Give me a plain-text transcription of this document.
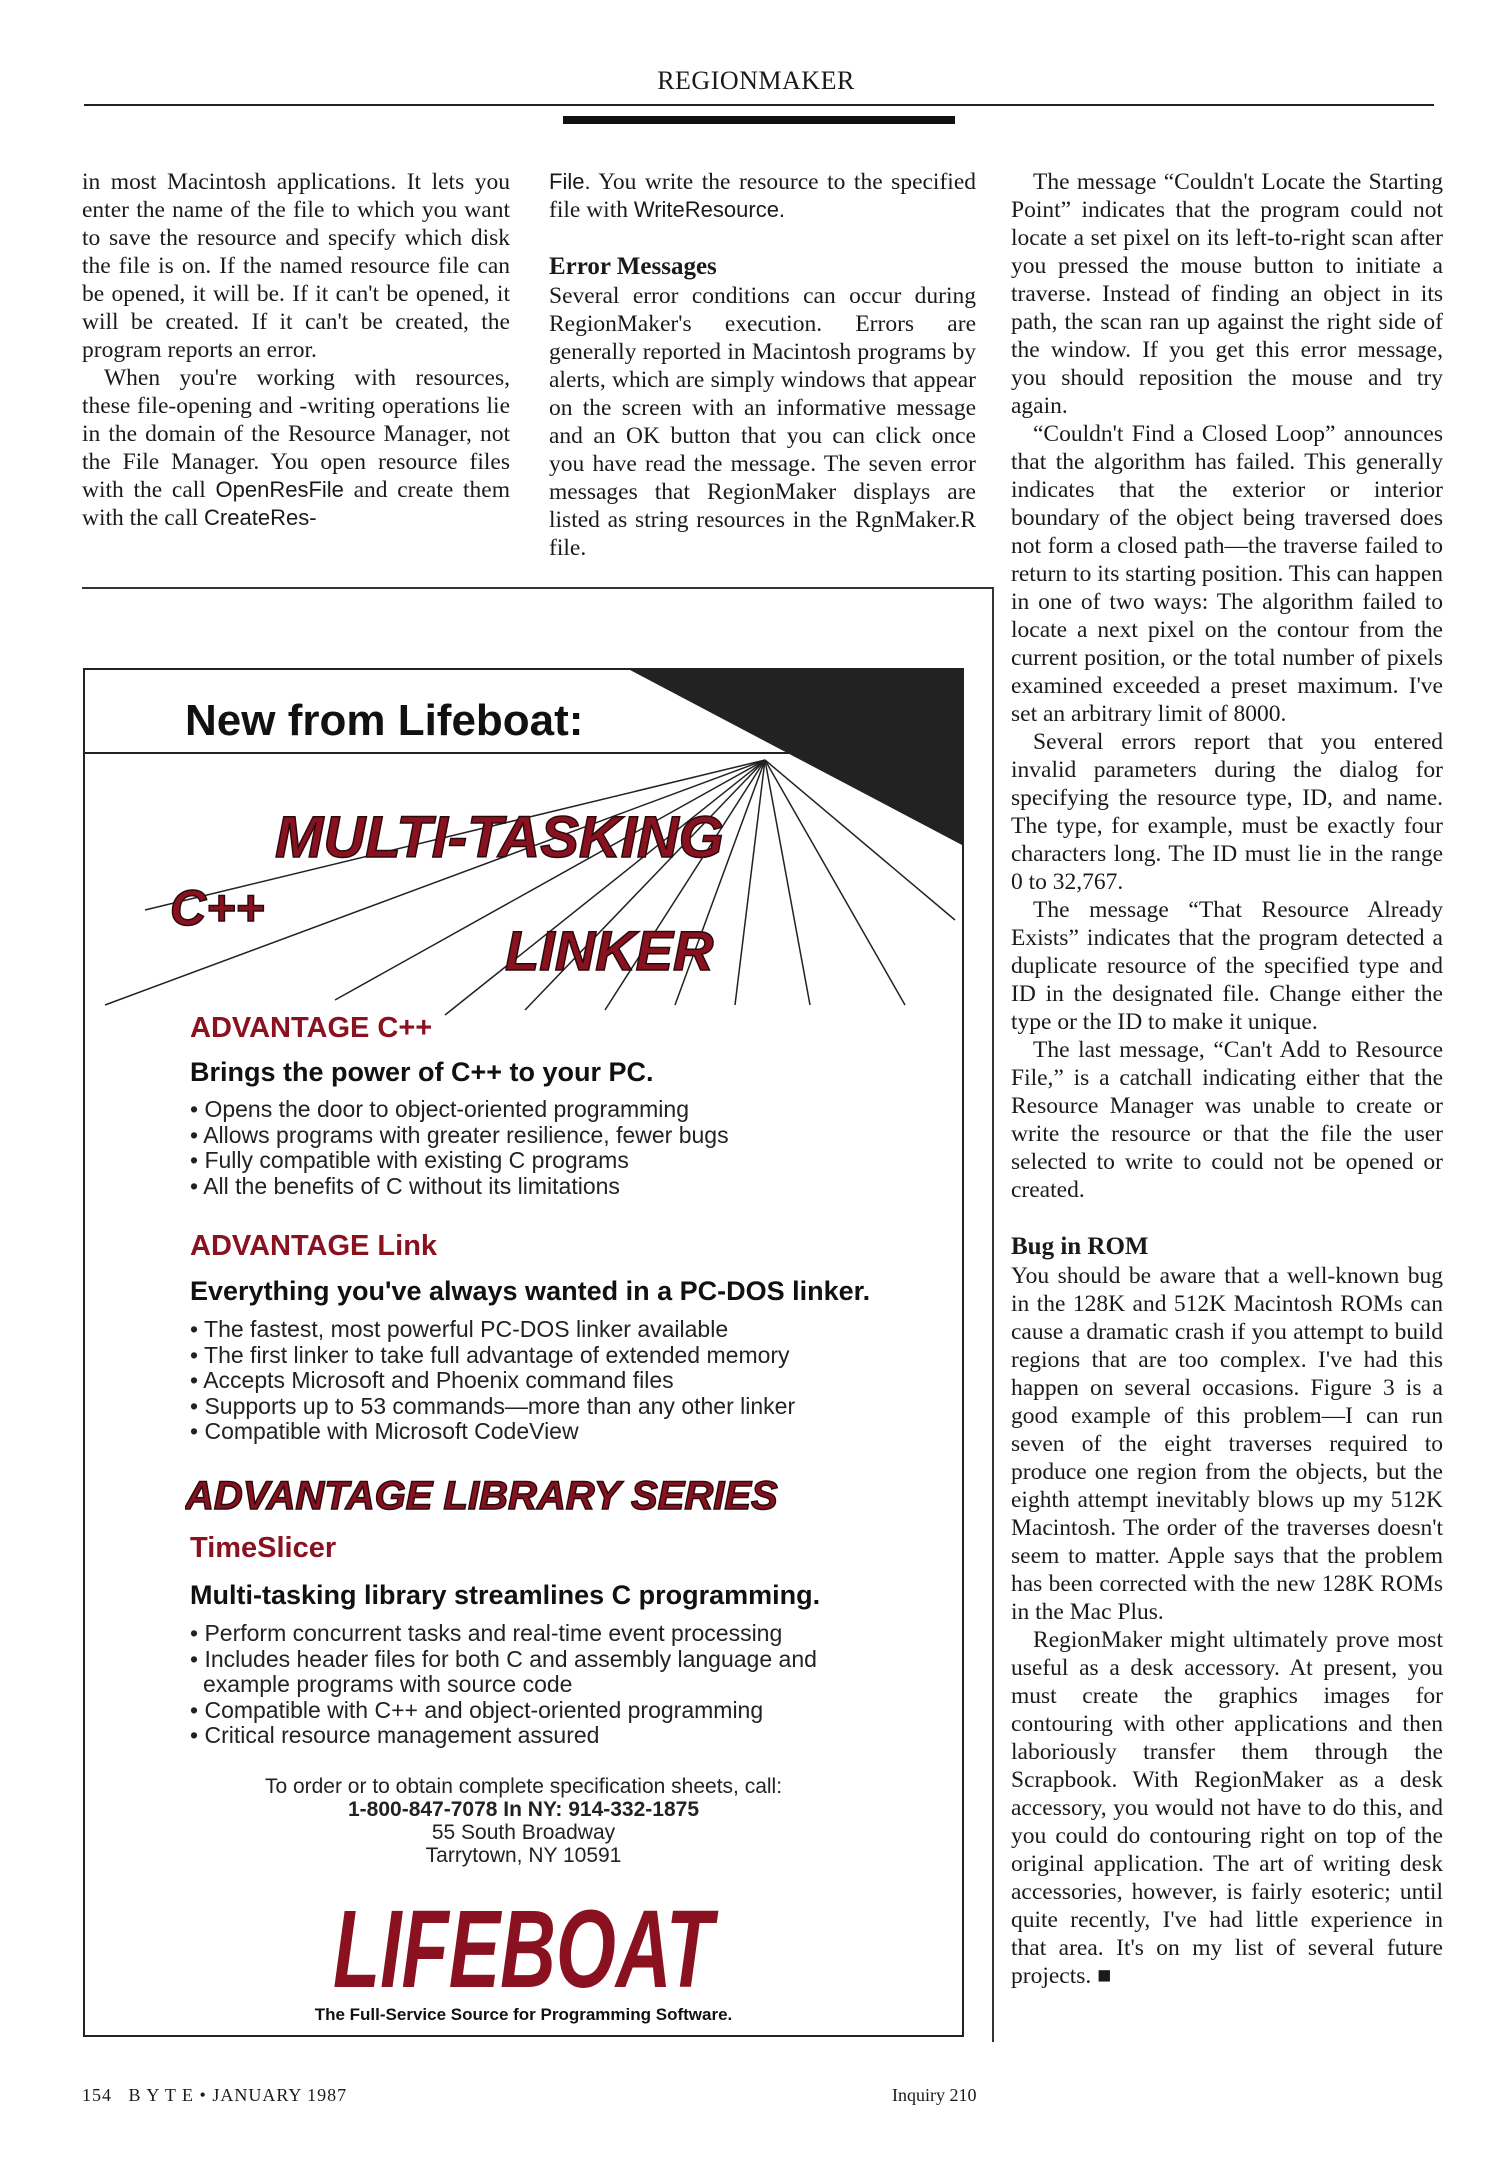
REGIONMAKER

in most Macintosh applications. It lets you enter the name of the file to which you want to save the resource and specify which disk the file is on. If the named resource file can be opened, it will be. If it can't be opened, it will be created. If it can't be created, the program reports an error.

When you're working with resources, these file-opening and -writing operations lie in the domain of the Resource Manager, not the File Manager. You open resource files with the call OpenResFile and create them with the call CreateRes-

File. You write the resource to the specified file with WriteResource.

Error Messages

Several error conditions can occur during RegionMaker's execution. Errors are generally reported in Macintosh programs by alerts, which are simply windows that appear on the screen with an informative message and an OK button that you can click once you have read the message. The seven error messages that RegionMaker displays are listed as string resources in the RgnMaker.R file.

The message “Couldn't Locate the Starting Point” indicates that the program could not locate a set pixel on its left-to-right scan after you pressed the mouse button to initiate a traverse. Instead of finding an object in its path, the scan ran up against the right side of the window. If you get this error message, you should reposition the mouse and try again.

“Couldn't Find a Closed Loop” announces that the algorithm has failed. This generally indicates that the exterior or interior boundary of the object being traversed does not form a closed path—the traverse failed to return to its starting position. This can happen in one of two ways: The algorithm failed to locate a next pixel on the contour from the current position, or the total number of pixels examined exceeded a preset maximum. I've set an arbitrary limit of 8000.

Several errors report that you entered invalid parameters during the dialog for specifying the resource type, ID, and name. The type, for example, must be exactly four characters long. The ID must lie in the range 0 to 32,767.

The message “That Resource Already Exists” indicates that the program detected a duplicate resource of the specified type and ID in the designated file. Change either the type or the ID to make it unique.

The last message, “Can't Add to Resource File,” is a catchall indicating either that the Resource Manager was unable to create or write the resource or that the file the user selected to write to could not be opened or created.

Bug in ROM

You should be aware that a well-known bug in the 128K and 512K Macintosh ROMs can cause a dramatic crash if you attempt to build regions that are too complex. I've had this happen on several occasions. Figure 3 is a good example of this problem—I can run seven of the eight traverses required to produce one region from the objects, but the eighth attempt inevitably blows up my 512K Macintosh. The order of the traverses doesn't seem to matter. Apple says that the problem has been corrected with the new 128K ROMs in the Mac Plus.

RegionMaker might ultimately prove most useful as a desk accessory. At present, you must create the graphics images for contouring with other applications and then laboriously transfer them through the Scrapbook. With RegionMaker as a desk accessory, you would not have to do this, and you could do contouring right on top of the original application. The art of writing desk accessories, however, is fairly esoteric; until quite recently, I've had little experience in that area. It's on my list of several future projects. ■

MULTI-TASKING
C++
LINKER
New from Lifeboat:
ADVANTAGE C++
Brings the power of C++ to your PC.
• Opens the door to object-oriented programming
• Allows programs with greater resilience, fewer bugs
• Fully compatible with existing C programs
• All the benefits of C without its limitations
ADVANTAGE Link
Everything you've always wanted in a PC-DOS linker.
• The fastest, most powerful PC-DOS linker available
• The first linker to take full advantage of extended memory
• Accepts Microsoft and Phoenix command files
• Supports up to 53 commands—more than any other linker
• Compatible with Microsoft CodeView
ADVANTAGE LIBRARY SERIES
TimeSlicer
Multi-tasking library streamlines C programming.
• Perform concurrent tasks and real-time event processing
• Includes header files for both C and assembly language and example programs with source code
• Compatible with C++ and object-oriented programming
• Critical resource management assured
To order or to obtain complete specification sheets, call:
1-800-847-7078 In NY: 914-332-1875
55 South Broadway
Tarrytown, NY 10591
LIFEBOAT
The Full-Service Source for Programming Software.
154 B Y T E • JANUARY 1987	Inquiry 210
